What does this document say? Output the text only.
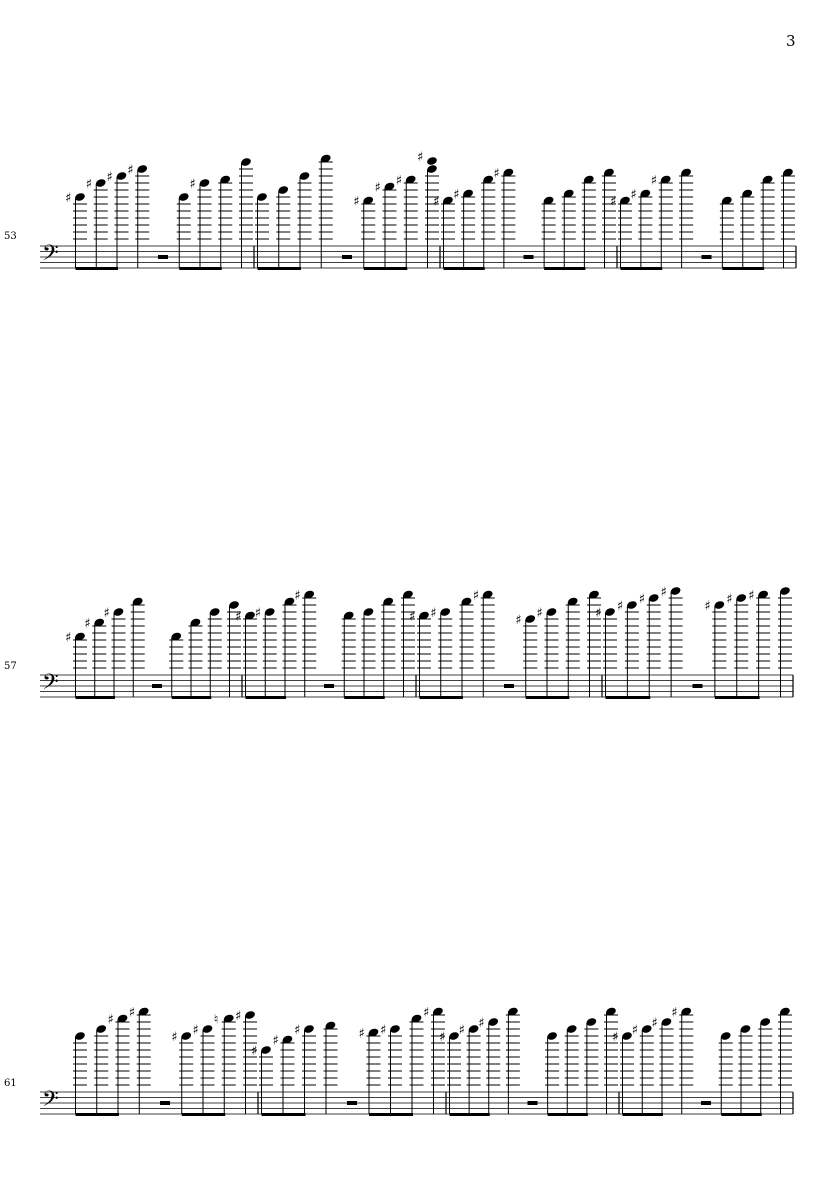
3
53
57
61
𝄢
♯
♯ ♯ ♯
♯
♯
♯ ♯
♯
♯ ♯
♯
♯ ♯
♯
𝄢
♯
♯
♯	♯ ♯
♯
♯ ♯
♯
♯ ♯	♯ ♯ ♯ ♯
♯ ♯ ♯
𝄢
♯ ♯
♯ ♯
♮ ♯
♯
♯
♯	♯ ♯
♯
♯ ♯ ♯
♯ ♯ ♯
♯
